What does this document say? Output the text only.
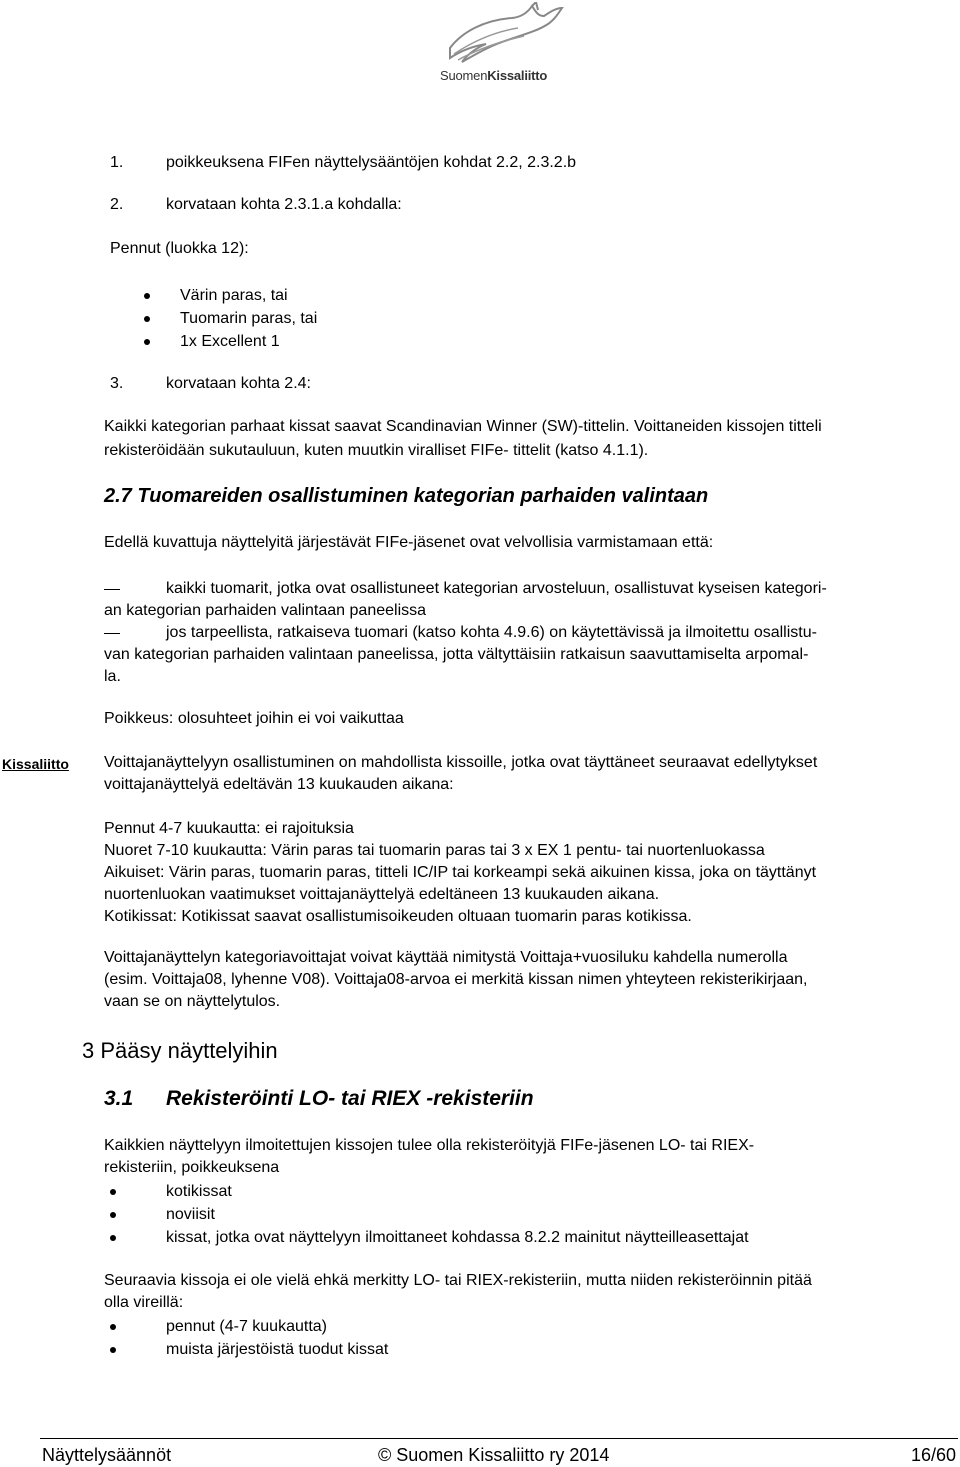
SuomenKissaliitto
1.	poikkeuksena FIFen näyttelysääntöjen kohdat 2.2, 2.3.2.b
2.	korvataan kohta 2.3.1.a kohdalla:
Pennut (luokka 12):
Värin paras, tai
Tuomarin paras, tai
1x Excellent 1
3.	korvataan kohta 2.4:
Kaikki kategorian parhaat kissat saavat Scandinavian Winner (SW)-tittelin. Voittaneiden kissojen titteli
rekisteröidään sukutauluun, kuten muutkin viralliset FIFe- tittelit (katso 4.1.1).
2.7 Tuomareiden osallistuminen kategorian parhaiden valintaan
Edellä kuvattuja näyttelyitä järjestävät FIFe-jäsenet ovat velvollisia varmistamaan että:
kaikki tuomarit, jotka ovat osallistuneet kategorian arvosteluun, osallistuvat kyseisen kategori-
an kategorian parhaiden valintaan paneelissa
jos tarpeellista, ratkaiseva tuomari (katso kohta 4.9.6) on käytettävissä ja ilmoitettu osallistu-
van kategorian parhaiden valintaan paneelissa, jotta vältyttäisiin ratkaisun saavuttamiselta arpomal-
la.
Poikkeus: olosuhteet joihin ei voi vaikuttaa
Kissaliitto Voittajanäyttelyyn osallistuminen on mahdollista kissoille, jotka ovat täyttäneet seuraavat edellytykset
voittajanäyttelyä edeltävän 13 kuukauden aikana:
Pennut 4-7 kuukautta: ei rajoituksia
Nuoret 7-10 kuukautta: Värin paras tai tuomarin paras tai 3 x EX 1 pentu- tai nuortenluokassa
Aikuiset: Värin paras, tuomarin paras, titteli IC/IP tai korkeampi sekä aikuinen kissa, joka on täyttänyt
nuortenluokan vaatimukset voittajanäyttelyä edeltäneen 13 kuukauden aikana.
Kotikissat: Kotikissat saavat osallistumisoikeuden oltuaan tuomarin paras kotikissa.
Voittajanäyttelyn kategoriavoittajat voivat käyttää nimitystä Voittaja+vuosiluku kahdella numerolla
(esim. Voittaja08, lyhenne V08). Voittaja08-arvoa ei merkitä kissan nimen yhteyteen rekisterikirjaan,
vaan se on näyttelytulos.
3 Pääsy näyttelyihin
3.1 Rekisteröinti LO- tai RIEX -rekisteriin
Kaikkien näyttelyyn ilmoitettujen kissojen tulee olla rekisteröityjä FIFe-jäsenen LO- tai RIEX-
rekisteriin, poikkeuksena
kotikissat
noviisit
kissat, jotka ovat näyttelyyn ilmoittaneet kohdassa 8.2.2 mainitut näytteilleasettajat
Seuraavia kissoja ei ole vielä ehkä merkitty LO- tai RIEX-rekisteriin, mutta niiden rekisteröinnin pitää
olla vireillä:
pennut (4-7 kuukautta)
muista järjestöistä tuodut kissat
Näyttelysäännöt	© Suomen Kissaliitto ry 2014	16/60
